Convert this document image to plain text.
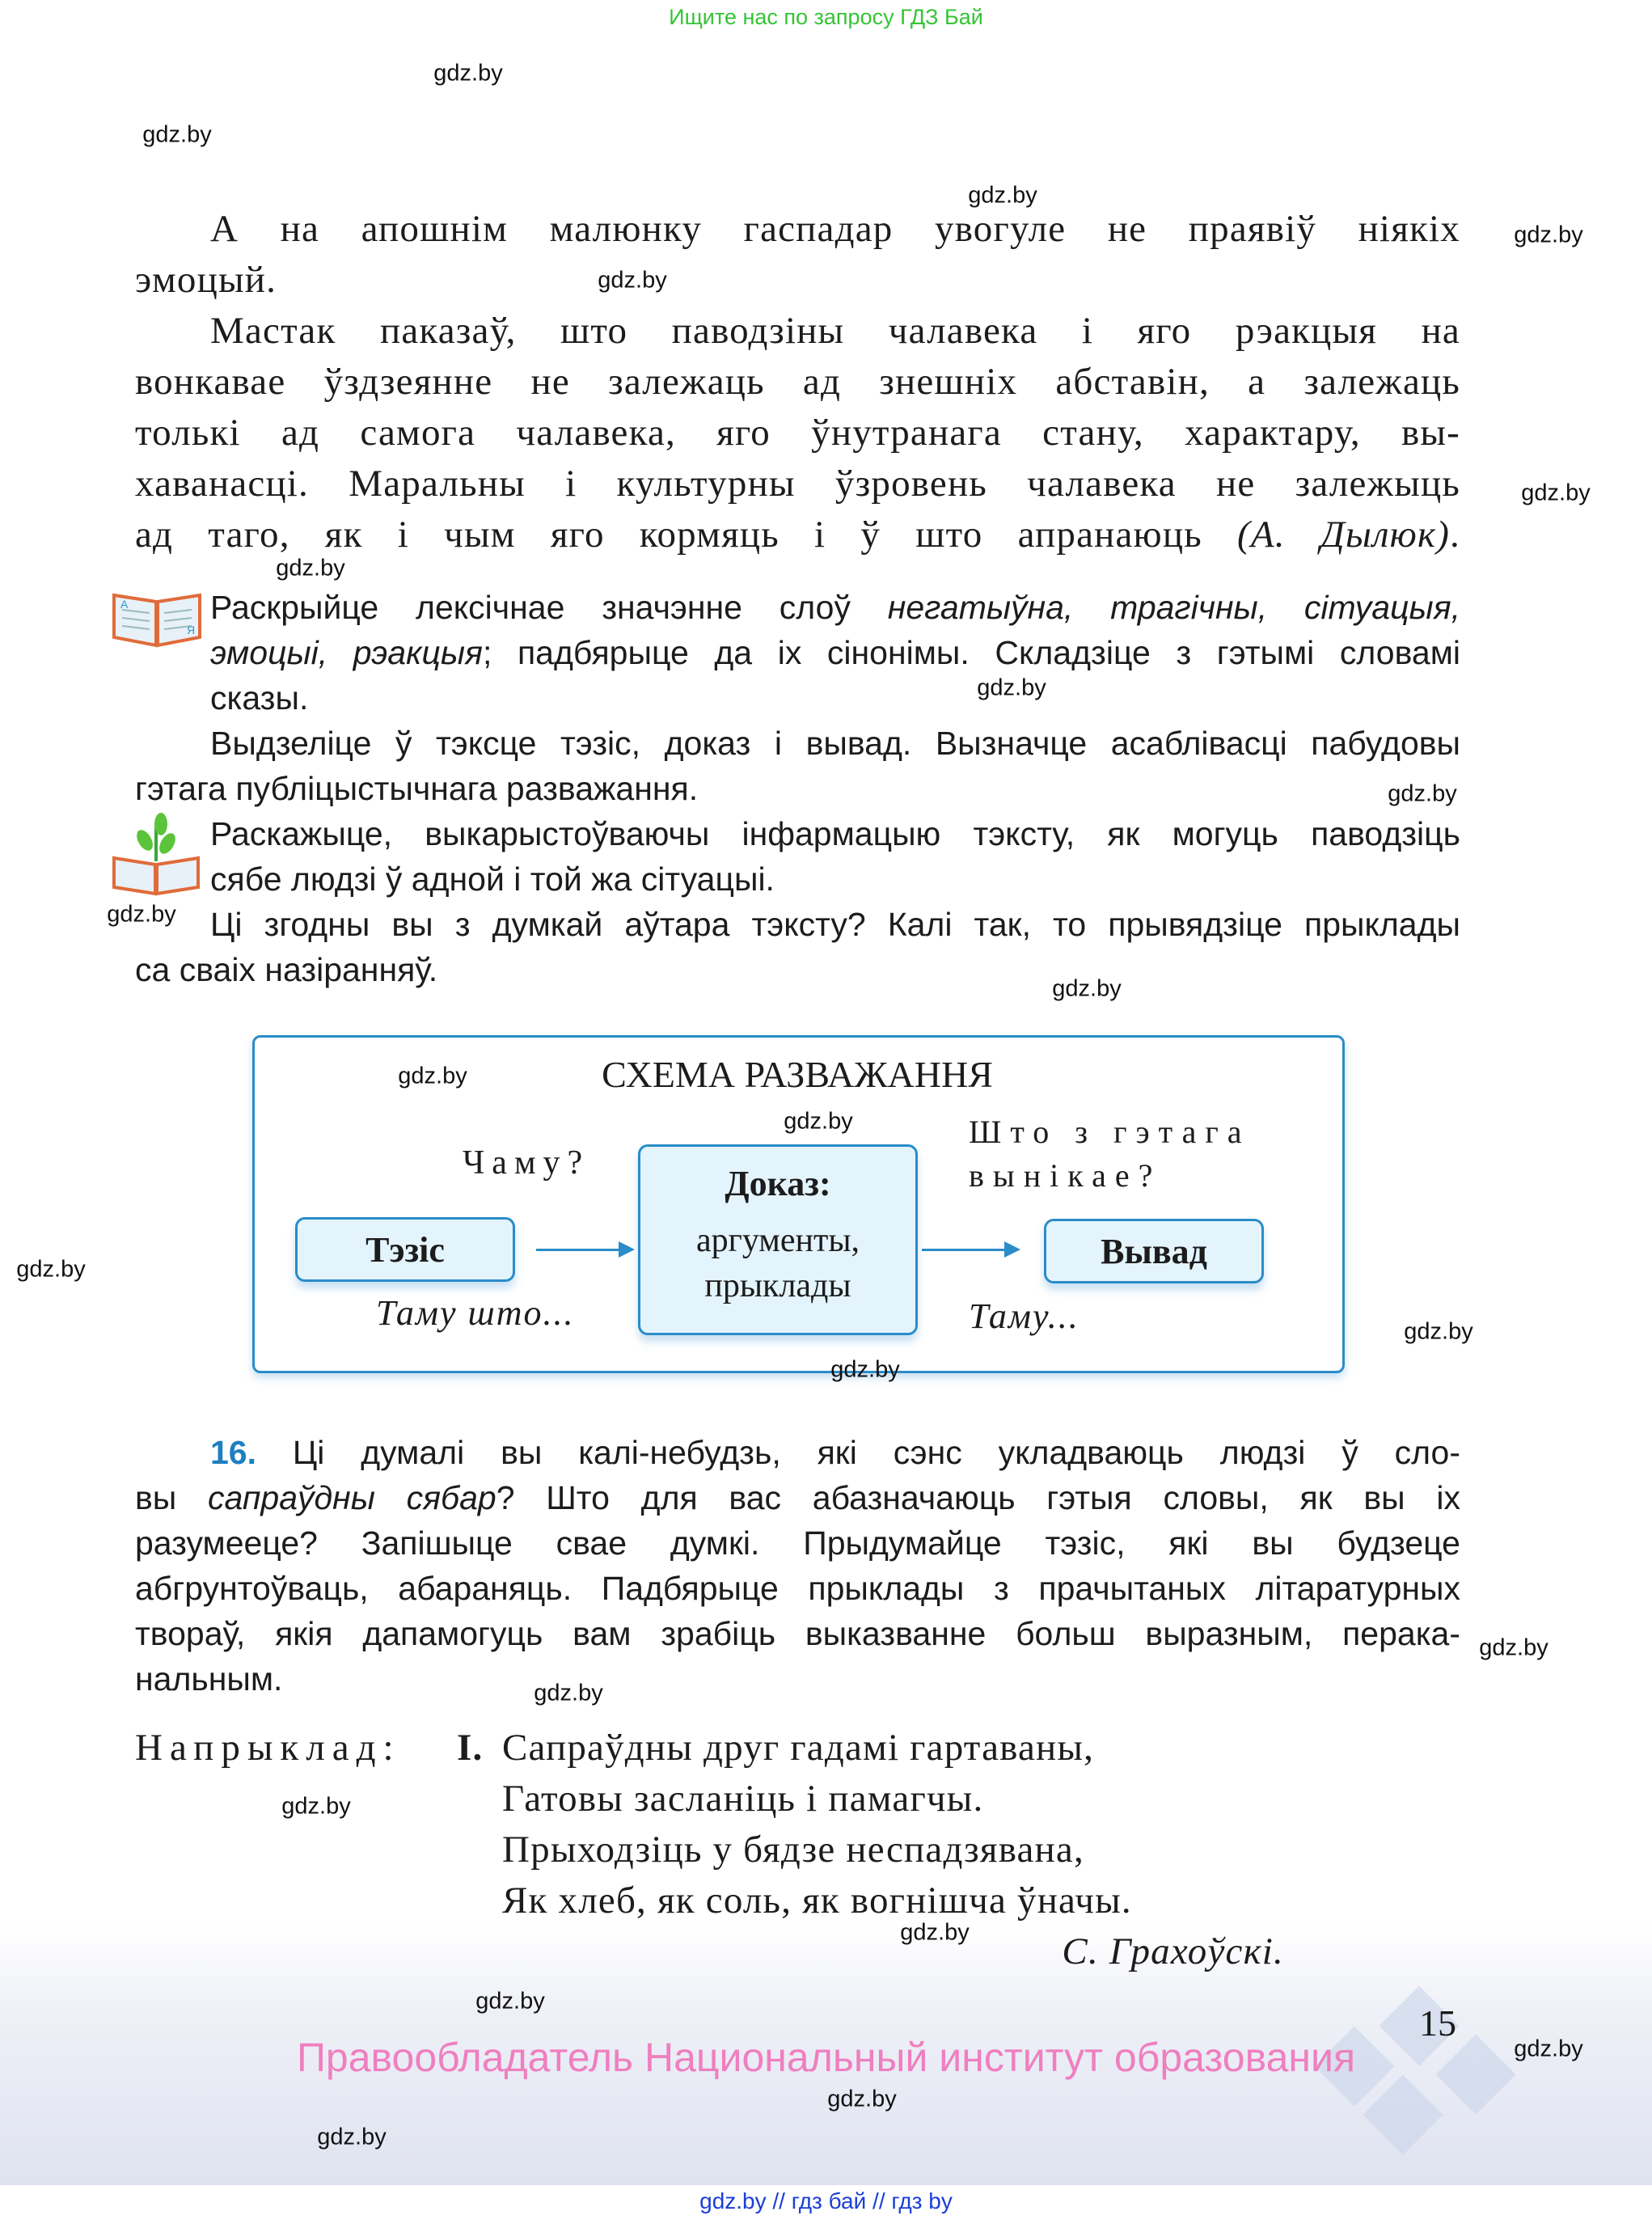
Ищите нас по запросу ГДЗ Бай
А на апошнім малюнку гаспадар увогуле не праявіў ніякіх
эмоцый.
Мастак паказаў, што паводзіны чалавека і яго рэакцыя на
вонкавае ўздзеянне не залежаць ад знешніх абставін, а залежаць
толькі ад самога чалавека, яго ўнутранага стану, характару, вы-
хаванасці. Маральны і культурны ўзровень чалавека не залежыць
ад таго, як і чым яго кормяць і ў што апранаюць (А. Дылюк).
А
Я
Раскрыйце лексічнае значэнне слоў негатыўна, трагічны, сітуацыя,
эмоцыі, рэакцыя; падбярыце да іх сінонімы. Складзіце з гэтымі словамі
сказы.
Выдзеліце ў тэксце тэзіс, доказ і вывад. Вызначце асаблівасці пабудовы
гэтага публіцыстычнага разважання.
Раскажыце, выкарыстоўваючы інфармацыю тэксту, як могуць паводзіць
сябе людзі ў адной і той жа сітуацыі.
Ці згодны вы з думкай аўтара тэксту? Калі так, то прывядзіце прыклады
са сваіх назіранняў.
СХЕМА РАЗВАЖАННЯ
Чаму?
Што з гэтага
вынікае?
Тэзіс
Доказ:
аргументы,
прыклады
Вывад
Таму што...	Таму...
16. Ці думалі вы калі-небудзь, які сэнс укладваюць людзі ў сло-
вы сапраўдны сябар? Што для вас абазначаюць гэтыя словы, як вы іх
разумееце? Запішыце свае думкі. Прыдумайце тэзіс, які вы будзеце
абгрунтоўваць, абараняць. Падбярыце прыклады з прачытаных літаратурных
твораў, якія дапамогуць вам зрабіць выказванне больш выразным, перака-
нальным.
Напрыклад: І. Сапраўдны друг гадамі гартаваны,
Гатовы засланіць і памагчы.
Прыходзіць у бядзе неспадзявана,
Як хлеб, як соль, як вогнішча ўначы.
С. Грахоўскі.
15
Правообладатель Национальный институт образования
gdz.by // гдз бай // гдз by
gdz.by
gdz.by
gdz.by
gdz.by
gdz.by
gdz.by
gdz.by
gdz.by
gdz.by
gdz.by
gdz.by
gdz.by
gdz.by
gdz.by
gdz.by
gdz.by
gdz.by
gdz.by
gdz.by
gdz.by
gdz.by
gdz.by
gdz.by
gdz.by
